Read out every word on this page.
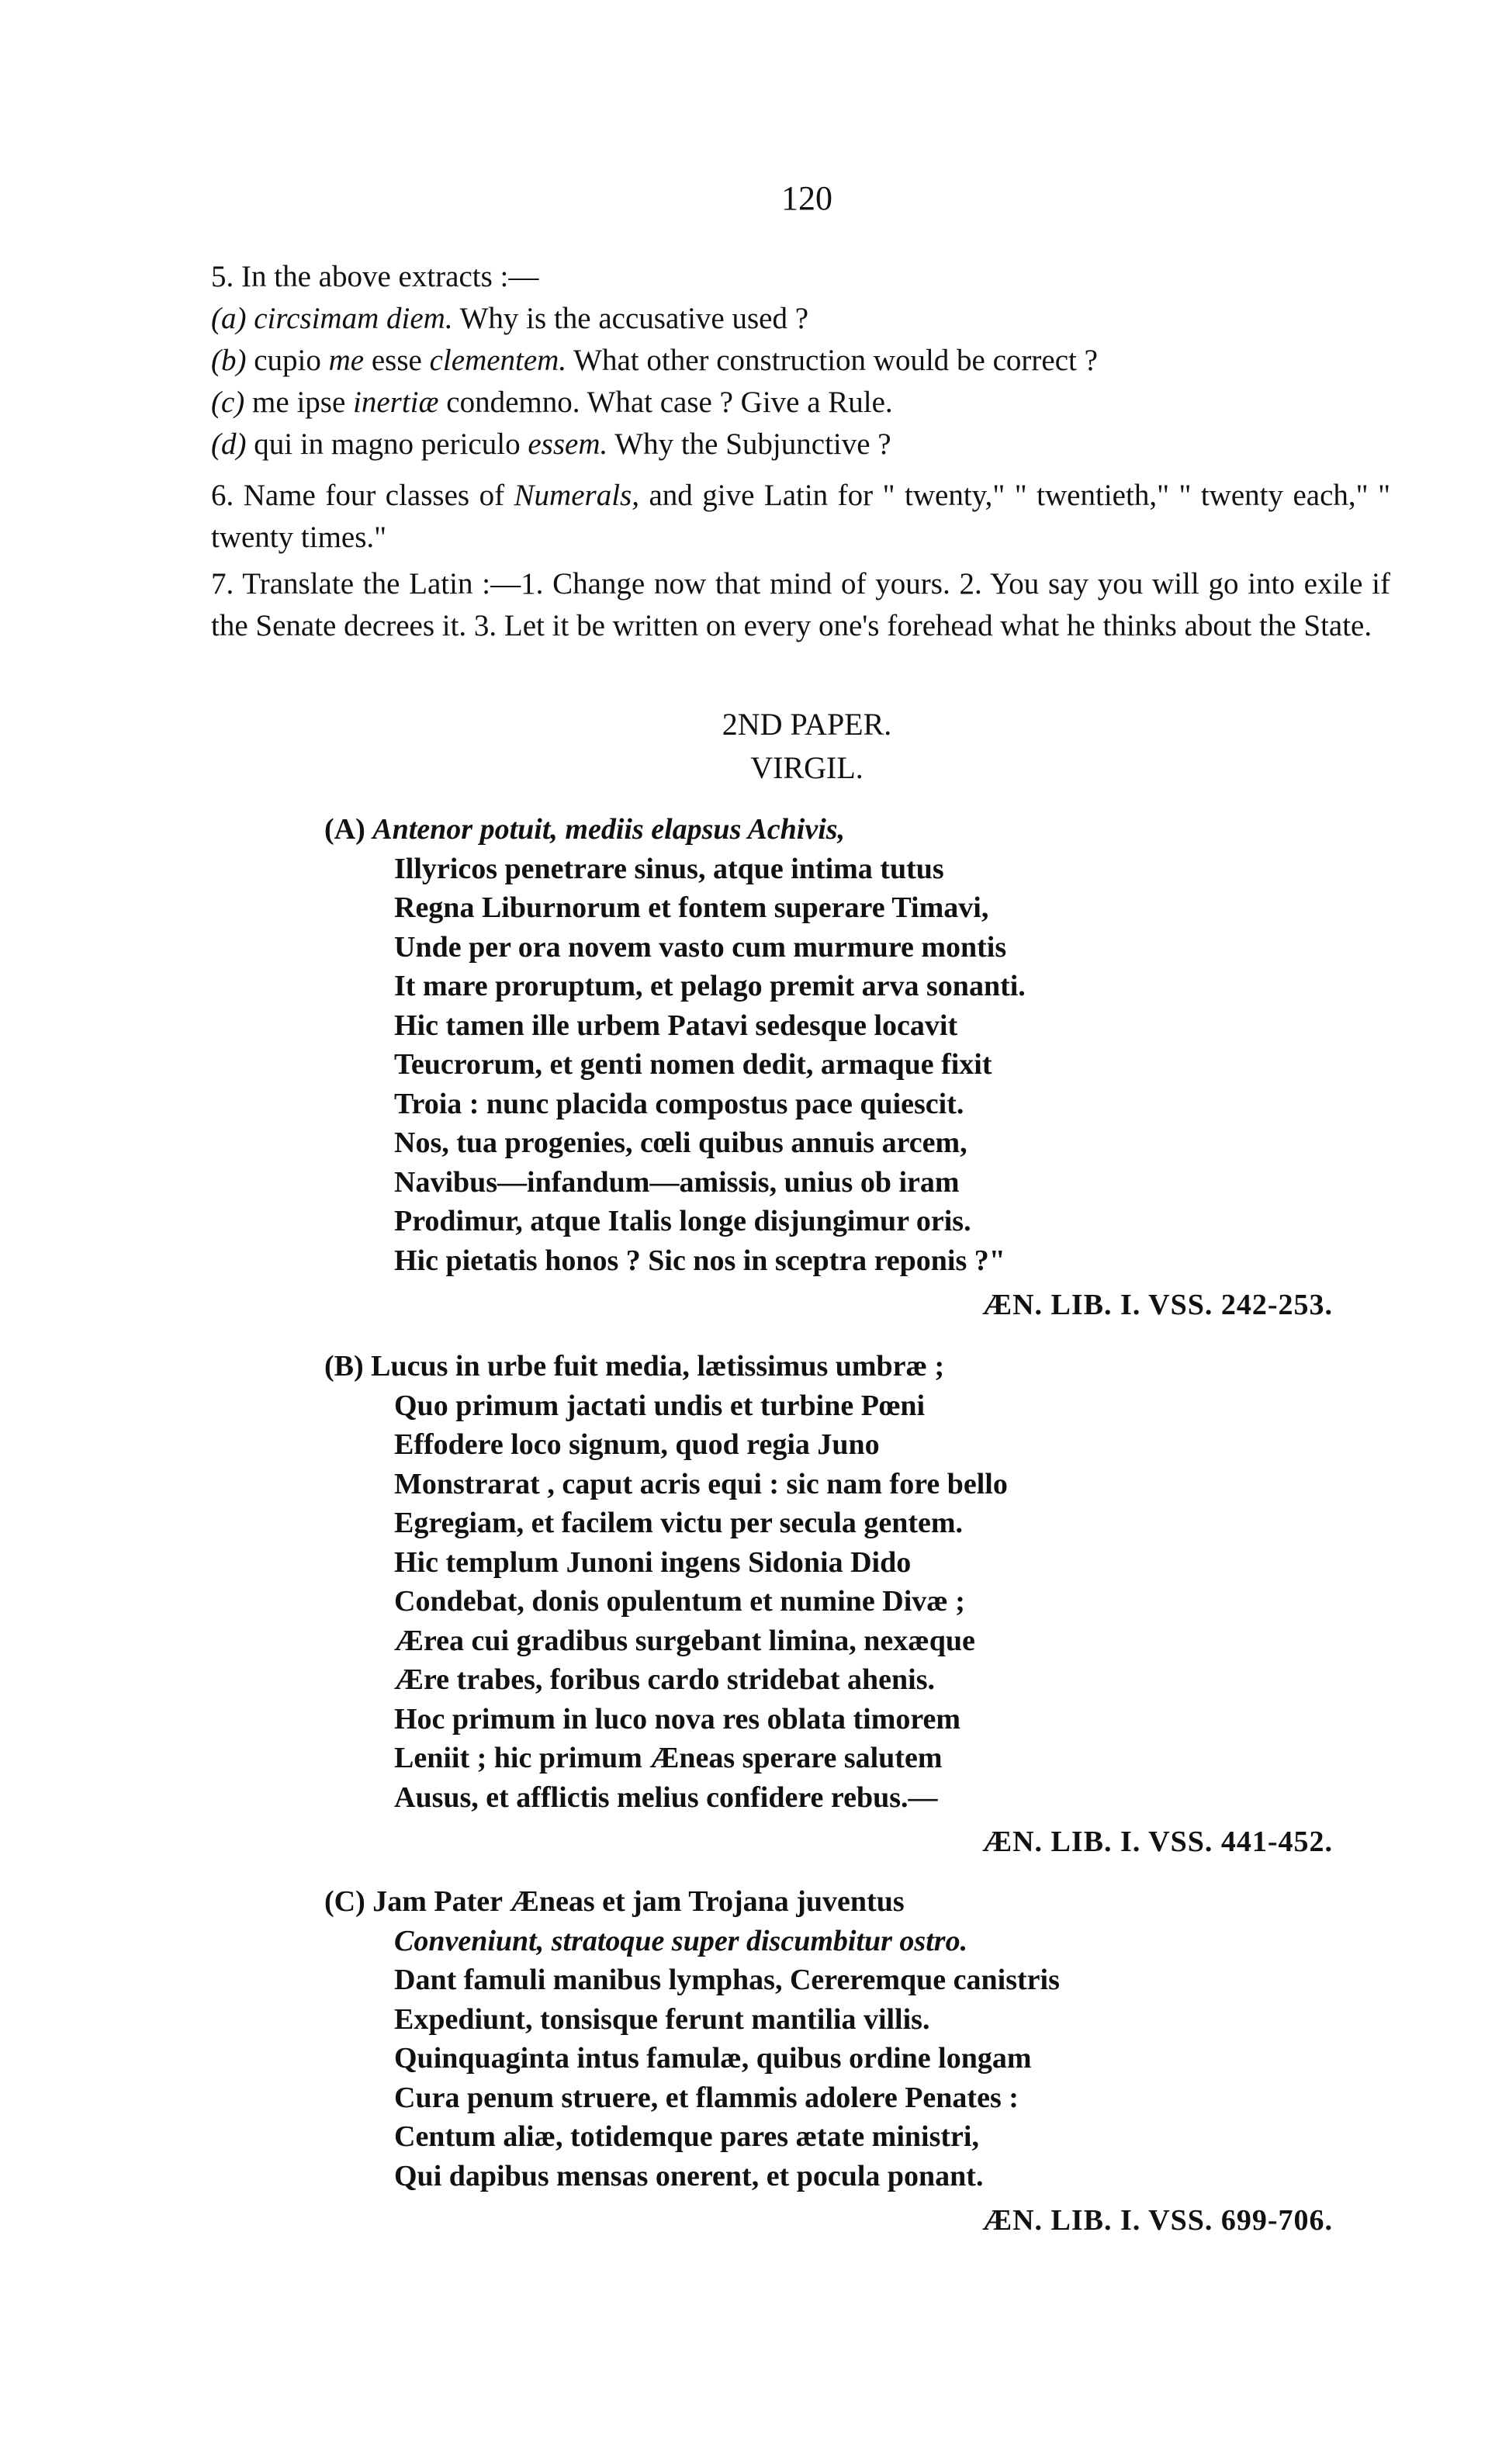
120

5. In the above extracts :—

(a) circsimam diem. Why is the accusative used ?

(b) cupio me esse clementem. What other construction would be correct ?

(c) me ipse inertiæ condemno. What case ? Give a Rule.

(d) qui in magno periculo essem. Why the Subjunctive ?

6. Name four classes of Numerals, and give Latin for " twenty," " twentieth," " twenty each," " twenty times."

7. Translate the Latin :—1. Change now that mind of yours. 2. You say you will go into exile if the Senate decrees it. 3. Let it be written on every one's forehead what he thinks about the State.

2ND PAPER.
VIRGIL.
(A) Antenor potuit, mediis elapsus Achivis,
Illyricos penetrare sinus, atque intima tutus
Regna Liburnorum et fontem superare Timavi,
Unde per ora novem vasto cum murmure montis
It mare proruptum, et pelago premit arva sonanti.
Hic tamen ille urbem Patavi sedesque locavit
Teucrorum, et genti nomen dedit, armaque fixit
Troia : nunc placida compostus pace quiescit.
Nos, tua progenies, cœli quibus annuis arcem,
Navibus—infandum—amissis, unius ob iram
Prodimur, atque Italis longe disjungimur oris.
Hic pietatis honos ? Sic nos in sceptra reponis ?"
ÆN. LIB. I. VSS. 242-253.
(B) Lucus in urbe fuit media, lætissimus umbræ ;
Quo primum jactati undis et turbine Pœni
Effodere loco signum, quod regia Juno
Monstrarat , caput acris equi : sic nam fore bello
Egregiam, et facilem victu per secula gentem.
Hic templum Junoni ingens Sidonia Dido
Condebat, donis opulentum et numine Divæ ;
Ærea cui gradibus surgebant limina, nexæque
Ære trabes, foribus cardo stridebat ahenis.
Hoc primum in luco nova res oblata timorem
Leniit ; hic primum Æneas sperare salutem
Ausus, et afflictis melius confidere rebus.—
ÆN. LIB. I. VSS. 441-452.
(C) Jam Pater Æneas et jam Trojana juventus
Conveniunt, stratoque super discumbitur ostro.
Dant famuli manibus lymphas, Cereremque canistris
Expediunt, tonsisque ferunt mantilia villis.
Quinquaginta intus famulæ, quibus ordine longam
Cura penum struere, et flammis adolere Penates :
Centum aliæ, totidemque pares ætate ministri,
Qui dapibus mensas onerent, et pocula ponant.
ÆN. LIB. I. VSS. 699-706.
